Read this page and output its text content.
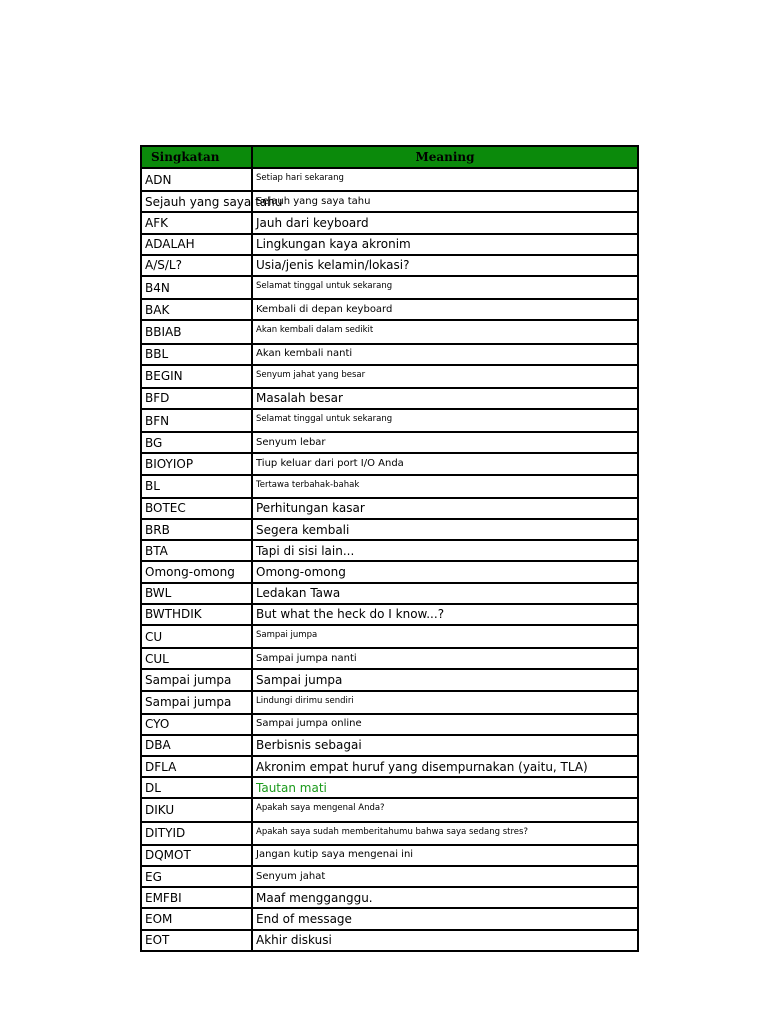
Singkatan	Meaning
ADN	Setiap hari sekarang
Sejauh yang saya tahu	Sejauh yang saya tahu
AFK	Jauh dari keyboard
ADALAH	Lingkungan kaya akronim
A/S/L?	Usia/jenis kelamin/lokasi?
B4N	Selamat tinggal untuk sekarang
BAK	Kembali di depan keyboard
BBIAB	Akan kembali dalam sedikit
BBL	Akan kembali nanti
BEGIN	Senyum jahat yang besar
BFD	Masalah besar
BFN	Selamat tinggal untuk sekarang
BG	Senyum lebar
BIOYIOP	Tiup keluar dari port I/O Anda
BL	Tertawa terbahak-bahak
BOTEC	Perhitungan kasar
BRB	Segera kembali
BTA	Tapi di sisi lain...
Omong-omong	Omong-omong
BWL	Ledakan Tawa
BWTHDIK	But what the heck do I know...?
CU	Sampai jumpa
CUL	Sampai jumpa nanti
Sampai jumpa	Sampai jumpa
Sampai jumpa	Lindungi dirimu sendiri
CYO	Sampai jumpa online
DBA	Berbisnis sebagai
DFLA	Akronim empat huruf yang disempurnakan (yaitu, TLA)
DL	Tautan mati
DIKU	Apakah saya mengenal Anda?
DITYID	Apakah saya sudah memberitahumu bahwa saya sedang stres?
DQMOT	Jangan kutip saya mengenai ini
EG	Senyum jahat
EMFBI	Maaf mengganggu.
EOM	End of message
EOT	Akhir diskusi
